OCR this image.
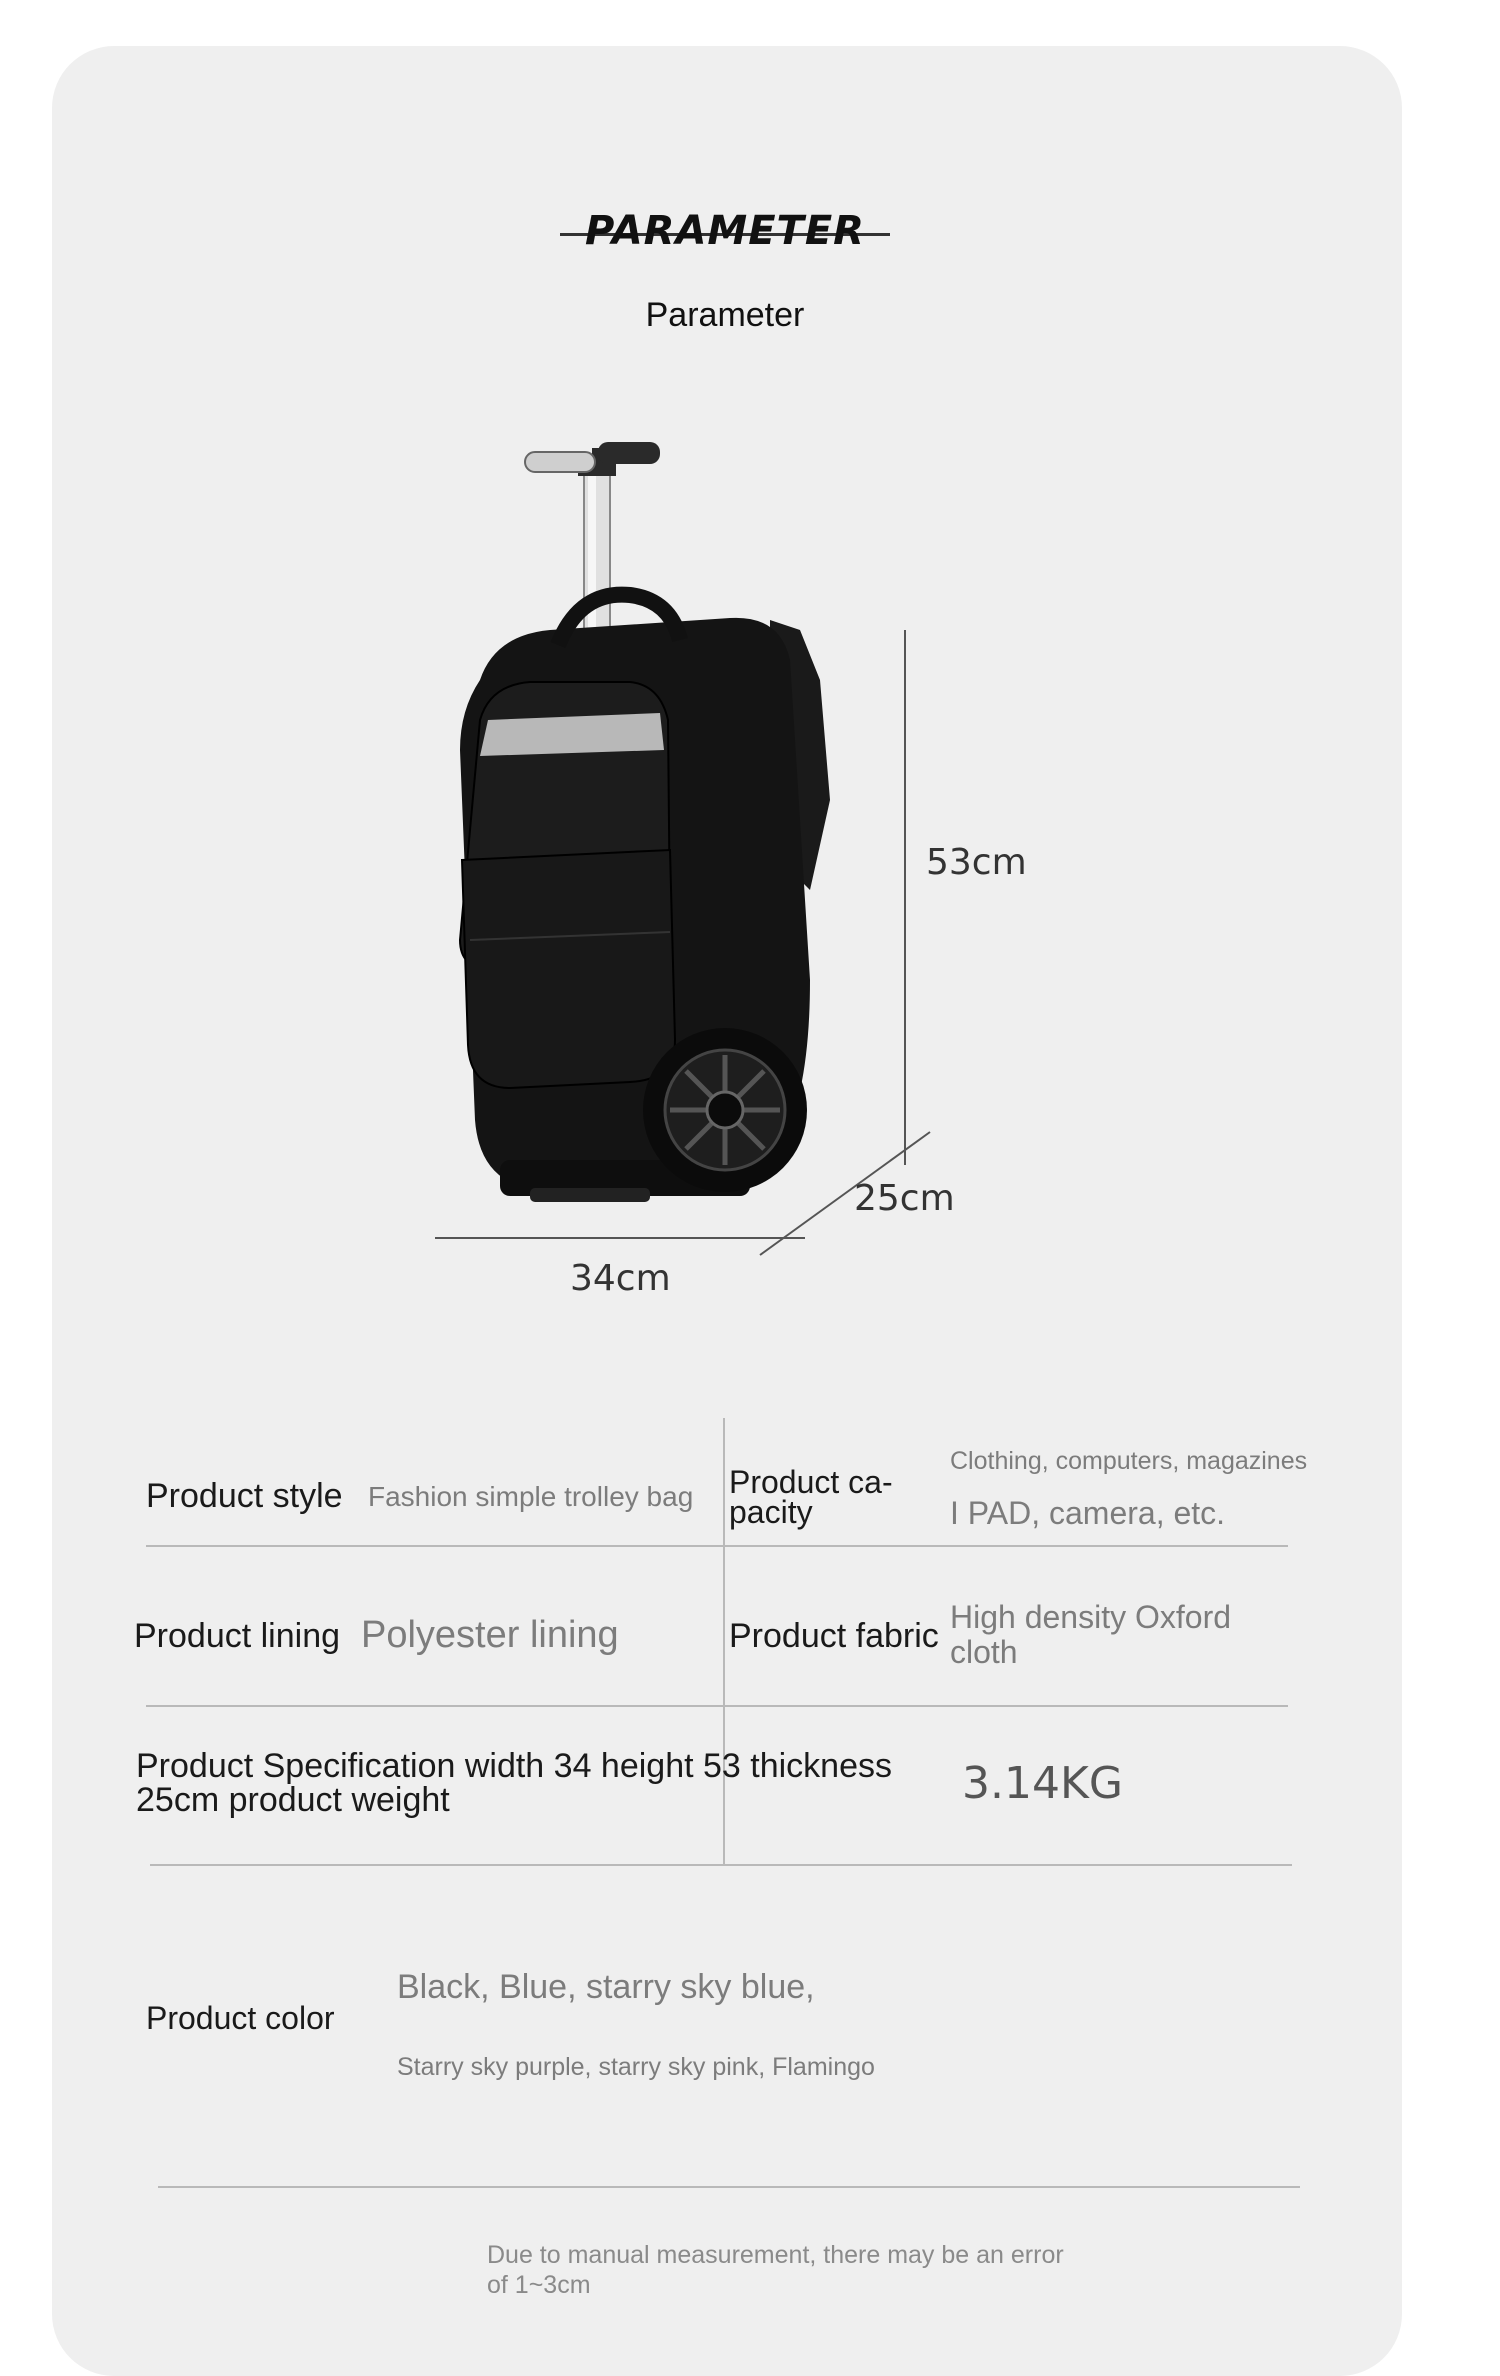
PARAMETER
Parameter
53cm
25cm
34cm
Product style Fashion simple trolley bag Product ca-
pacity
Clothing, computers, magazines
I PAD, camera, etc.
Product lining Polyester lining	Product fabric High density Oxford
cloth
Product Specification width 34 height 53 thickness
25cm product weight	3.14KG
Product color
Black, Blue, starry sky blue,
Starry sky purple, starry sky pink, Flamingo
Due to manual measurement, there may be an error
of 1~3cm
